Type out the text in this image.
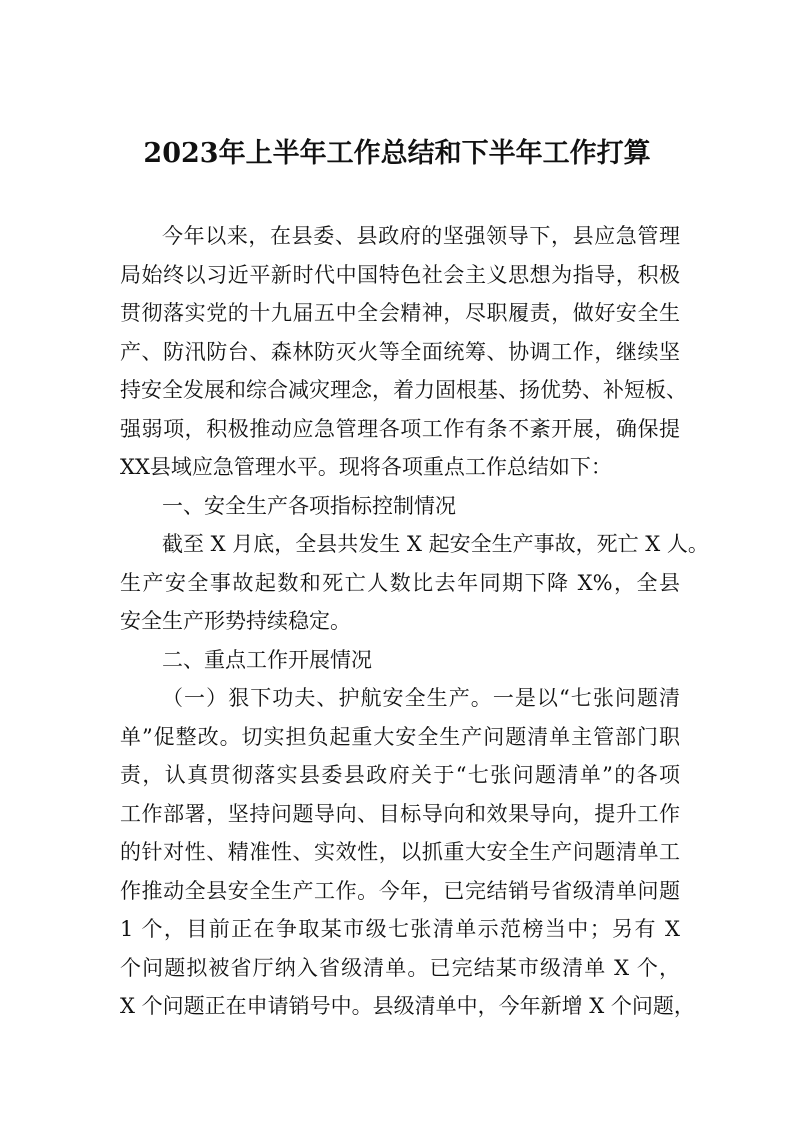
2023年上半年工作总结和下半年工作打算
今年以来，在县委、县政府的坚强领导下，县应急管理
局始终以习近平新时代中国特色社会主义思想为指导，积极
贯彻落实党的十九届五中全会精神，尽职履责，做好安全生
产、防汛防台、森林防灭火等全面统筹、协调工作，继续坚
持安全发展和综合减灾理念，着力固根基、扬优势、补短板、
强弱项，积极推动应急管理各项工作有条不紊开展，确保提
XX县域应急管理水平。现将各项重点工作总结如下：
一、安全生产各项指标控制情况
截至 X 月底，全县共发生 X 起安全生产事故，死亡 X 人。
生产安全事故起数和死亡人数比去年同期下降 X%，全县
安全生产形势持续稳定。
二、重点工作开展情况
（一）狠下功夫、护航安全生产。一是以“七张问题清
单”促整改。切实担负起重大安全生产问题清单主管部门职
责，认真贯彻落实县委县政府关于“七张问题清单”的各项
工作部署，坚持问题导向、目标导向和效果导向，提升工作
的针对性、精准性、实效性，以抓重大安全生产问题清单工
作推动全县安全生产工作。今年，已完结销号省级清单问题
1 个，目前正在争取某市级七张清单示范榜当中；另有 X
个问题拟被省厅纳入省级清单。已完结某市级清单 X 个，
X 个问题正在申请销号中。县级清单中，今年新增 X 个问题，
